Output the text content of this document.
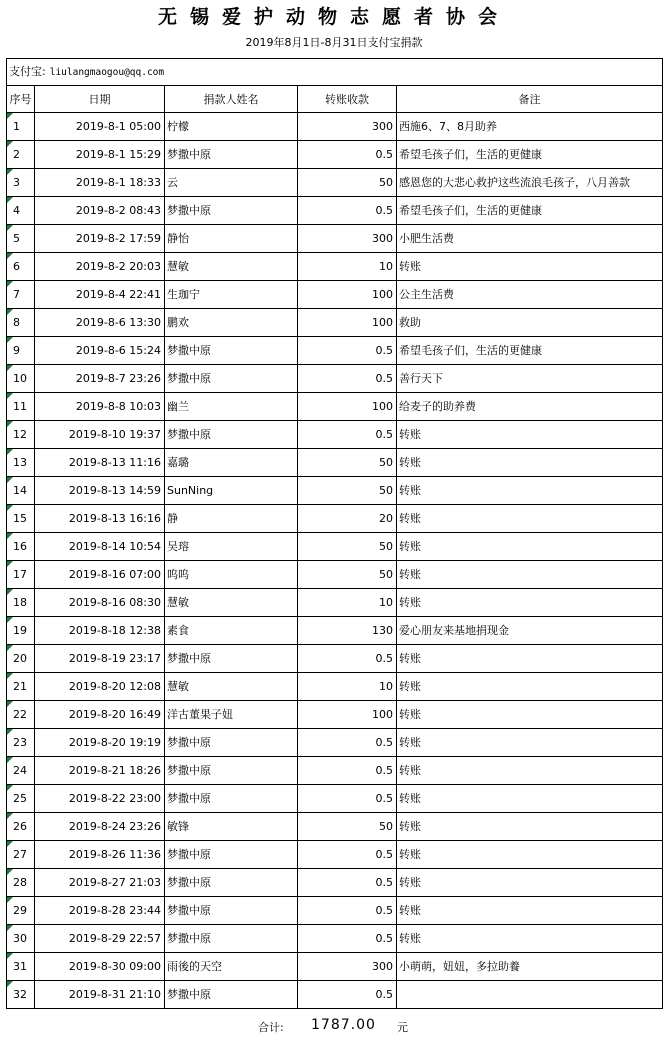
无锡爱护动物志愿者协会
2019年8月1日-8月31日支付宝捐款
支付宝: liulangmaogou@qq.com				
序号	日期	捐款人姓名	转账收款	备注
1	2019-8-1 05:00	柠檬	300	西施6、7、8月助养
2	2019-8-1 15:29	梦撒中原	0.5	希望毛孩子们，生活的更健康
3	2019-8-1 18:33	云	50	感恩您的大悲心救护这些流浪毛孩子，八月善款
4	2019-8-2 08:43	梦撒中原	0.5	希望毛孩子们，生活的更健康
5	2019-8-2 17:59	静怡	300	小肥生活费
6	2019-8-2 20:03	慧敏	10	转账
7	2019-8-4 22:41	生珈宁	100	公主生活费
8	2019-8-6 13:30	鹏欢	100	救助
9	2019-8-6 15:24	梦撒中原	0.5	希望毛孩子们，生活的更健康
10	2019-8-7 23:26	梦撒中原	0.5	善行天下
11	2019-8-8 10:03	幽兰	100	给麦子的助养费
12	2019-8-10 19:37	梦撒中原	0.5	转账
13	2019-8-13 11:16	嘉璐	50	转账
14	2019-8-13 14:59	SunNing	50	转账
15	2019-8-13 16:16	静	20	转账
16	2019-8-14 10:54	吴瑢	50	转账
17	2019-8-16 07:00	呜呜	50	转账
18	2019-8-16 08:30	慧敏	10	转账
19	2019-8-18 12:38	素食	130	爱心朋友来基地捐现金
20	2019-8-19 23:17	梦撒中原	0.5	转账
21	2019-8-20 12:08	慧敏	10	转账
22	2019-8-20 16:49	洋古董果子妞	100	转账
23	2019-8-20 19:19	梦撒中原	0.5	转账
24	2019-8-21 18:26	梦撒中原	0.5	转账
25	2019-8-22 23:00	梦撒中原	0.5	转账
26	2019-8-24 23:26	敏锋	50	转账
27	2019-8-26 11:36	梦撒中原	0.5	转账
28	2019-8-27 21:03	梦撒中原	0.5	转账
29	2019-8-28 23:44	梦撒中原	0.5	转账
30	2019-8-29 22:57	梦撒中原	0.5	转账
31	2019-8-30 09:00	雨後的天空	300	小萌萌，妞妞，多拉助養
32	2019-8-31 21:10	梦撒中原	0.5	
合计: 1787.00 元
